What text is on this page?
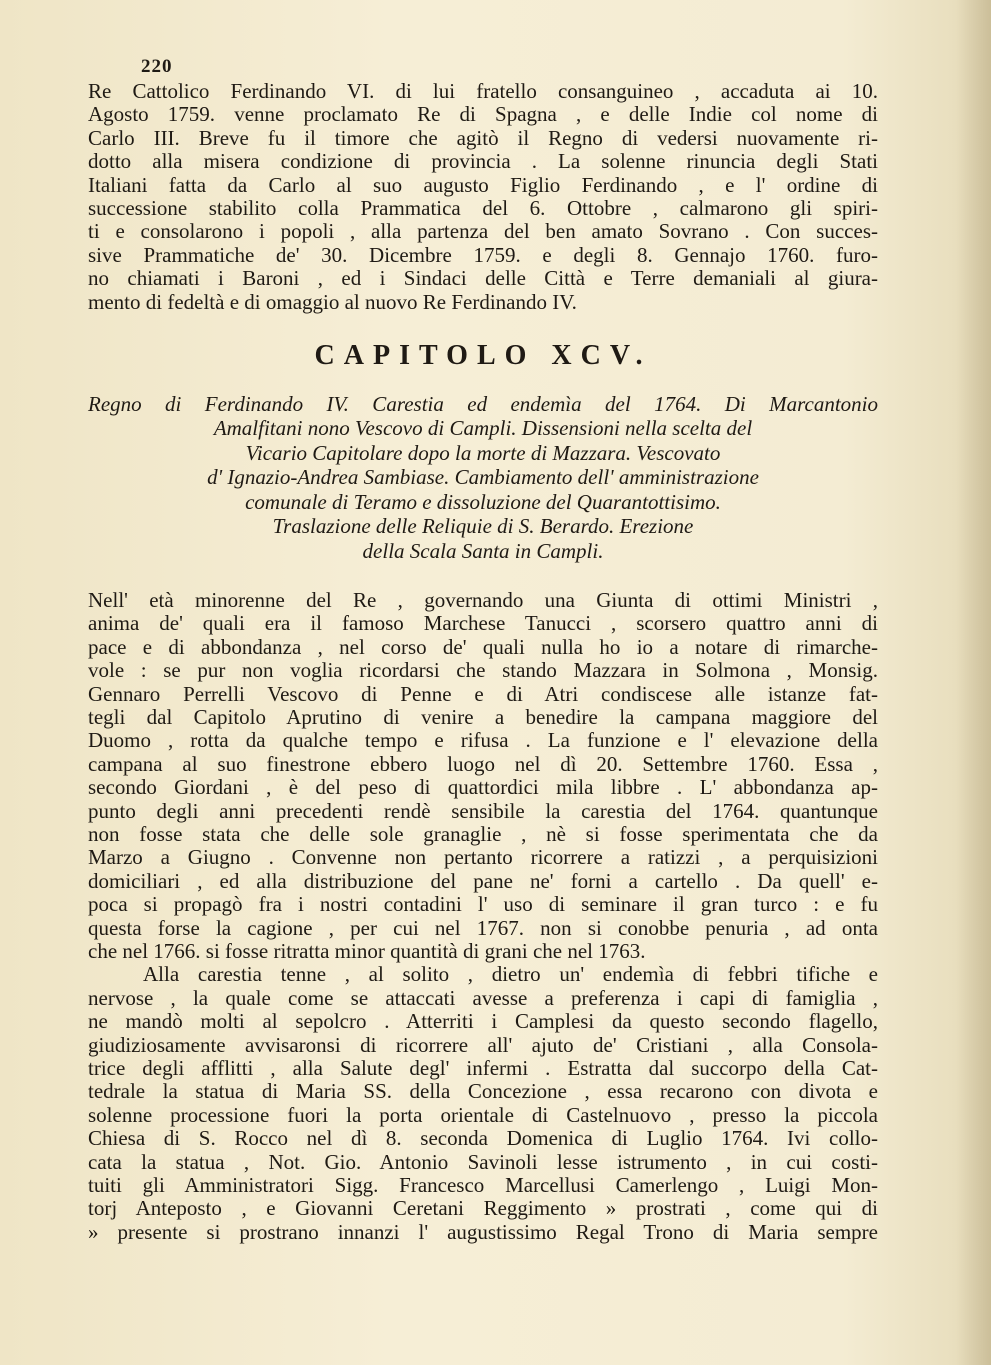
220
Re Cattolico Ferdinando VI. di lui fratello consanguineo , accaduta ai 10.
Agosto 1759. venne proclamato Re di Spagna , e delle Indie col nome di
Carlo III. Breve fu il timore che agitò il Regno di vedersi nuovamente ri-
dotto alla misera condizione di provincia . La solenne rinuncia degli Stati
Italiani fatta da Carlo al suo augusto Figlio Ferdinando , e l' ordine di
successione stabilito colla Prammatica del 6. Ottobre , calmarono gli spiri-
ti e consolarono i popoli , alla partenza del ben amato Sovrano . Con succes-
sive Prammatiche de' 30. Dicembre 1759. e degli 8. Gennajo 1760. furo-
no chiamati i Baroni , ed i Sindaci delle Città e Terre demaniali al giura-
mento di fedeltà e di omaggio al nuovo Re Ferdinando IV.
CAPITOLO XCV.
Regno di Ferdinando IV. Carestia ed endemìa del 1764. Di Marcantonio
Amalfitani nono Vescovo di Campli. Dissensioni nella scelta del
Vicario Capitolare dopo la morte di Mazzara. Vescovato
d' Ignazio-Andrea Sambiase. Cambiamento dell' amministrazione
comunale di Teramo e dissoluzione del Quarantottisimo.
Traslazione delle Reliquie di S. Berardo. Erezione
della Scala Santa in Campli.
Nell' età minorenne del Re , governando una Giunta di ottimi Ministri ,
anima de' quali era il famoso Marchese Tanucci , scorsero quattro anni di
pace e di abbondanza , nel corso de' quali nulla ho io a notare di rimarche-
vole : se pur non voglia ricordarsi che stando Mazzara in Solmona , Monsig.
Gennaro Perrelli Vescovo di Penne e di Atri condiscese alle istanze fat-
tegli dal Capitolo Aprutino di venire a benedire la campana maggiore del
Duomo , rotta da qualche tempo e rifusa . La funzione e l' elevazione della
campana al suo finestrone ebbero luogo nel dì 20. Settembre 1760. Essa ,
secondo Giordani , è del peso di quattordici mila libbre . L' abbondanza ap-
punto degli anni precedenti rendè sensibile la carestia del 1764. quantunque
non fosse stata che delle sole granaglie , nè si fosse sperimentata che da
Marzo a Giugno . Convenne non pertanto ricorrere a ratizzi , a perquisizioni
domiciliari , ed alla distribuzione del pane ne' forni a cartello . Da quell' e-
poca si propagò fra i nostri contadini l' uso di seminare il gran turco : e fu
questa forse la cagione , per cui nel 1767. non si conobbe penuria , ad onta
che nel 1766. si fosse ritratta minor quantità di grani che nel 1763.
Alla carestia tenne , al solito , dietro un' endemìa di febbri tifiche e
nervose , la quale come se attaccati avesse a preferenza i capi di famiglia ,
ne mandò molti al sepolcro . Atterriti i Camplesi da questo secondo flagello,
giudiziosamente avvisaronsi di ricorrere all' ajuto de' Cristiani , alla Consola-
trice degli afflitti , alla Salute degl' infermi . Estratta dal succorpo della Cat-
tedrale la statua di Maria SS. della Concezione , essa recarono con divota e
solenne processione fuori la porta orientale di Castelnuovo , presso la piccola
Chiesa di S. Rocco nel dì 8. seconda Domenica di Luglio 1764. Ivi collo-
cata la statua , Not. Gio. Antonio Savinoli lesse istrumento , in cui costi-
tuiti gli Amministratori Sigg. Francesco Marcellusi Camerlengo , Luigi Mon-
torj Anteposto , e Giovanni Ceretani Reggimento » prostrati , come qui di
» presente si prostrano innanzi l' augustissimo Regal Trono di Maria sempre
